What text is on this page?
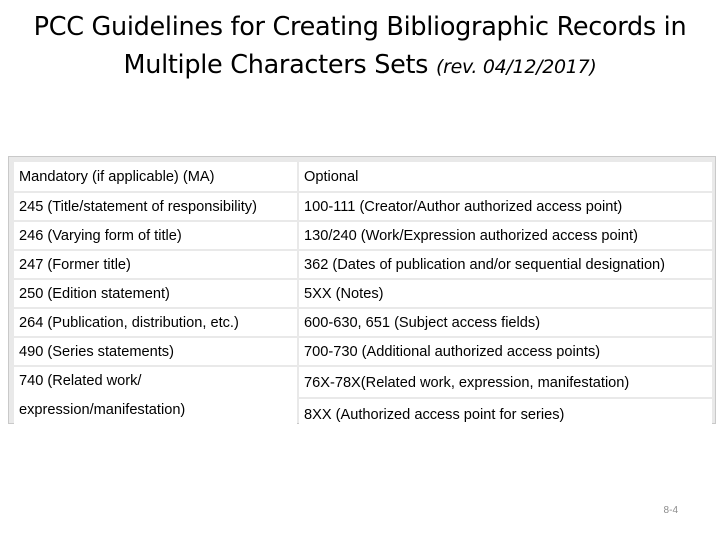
PCC Guidelines for Creating Bibliographic Records in Multiple Characters Sets (rev. 04/12/2017)
Mandatory (if applicable) (MA)	Optional
245 (Title/statement of responsibility)	100-111 (Creator/Author authorized access point)
246 (Varying form of title)	130/240 (Work/Expression authorized access point)
247 (Former title)	362 (Dates of publication and/or sequential designation)
250 (Edition statement)	5XX (Notes)
264 (Publication, distribution, etc.)	600-630, 651 (Subject access fields)
490 (Series statements)	700-730 (Additional authorized access points)
740 (Related work/ expression/manifestation)	76X-78X(Related work, expression, manifestation)
	8XX (Authorized access point for series)
8-4
